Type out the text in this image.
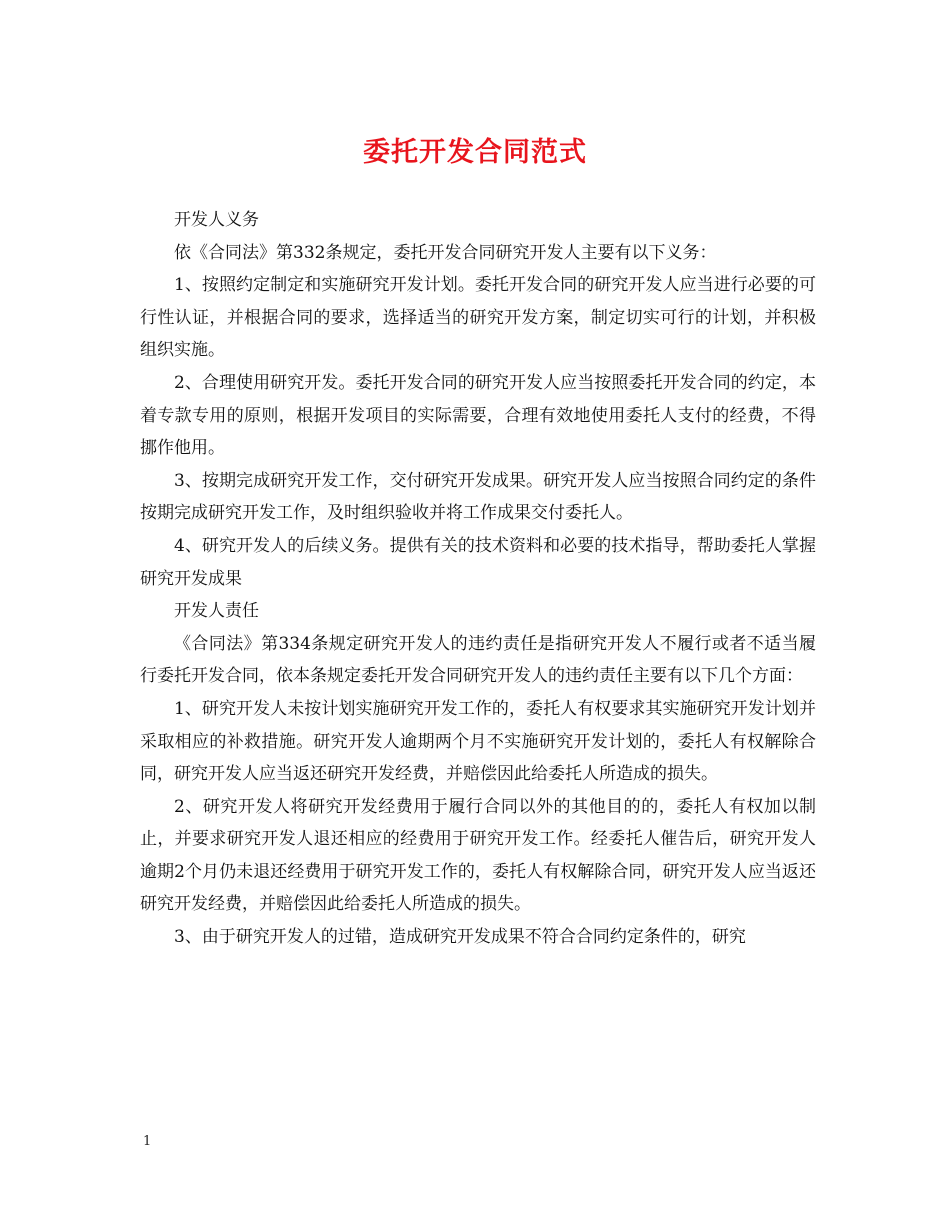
委托开发合同范式

开发人义务

依《合同法》第332条规定，委托开发合同研究开发人主要有以下义务：

1、按照约定制定和实施研究开发计划。委托开发合同的研究开发人应当进行必要的可行性认证，并根据合同的要求，选择适当的研究开发方案，制定切实可行的计划，并积极组织实施。

2、合理使用研究开发。委托开发合同的研究开发人应当按照委托开发合同的约定，本着专款专用的原则，根据开发项目的实际需要，合理有效地使用委托人支付的经费，不得挪作他用。

3、按期完成研究开发工作，交付研究开发成果。研究开发人应当按照合同约定的条件按期完成研究开发工作，及时组织验收并将工作成果交付委托人。

4、研究开发人的后续义务。提供有关的技术资料和必要的技术指导，帮助委托人掌握研究开发成果

开发人责任

《合同法》第334条规定研究开发人的违约责任是指研究开发人不履行或者不适当履行委托开发合同，依本条规定委托开发合同研究开发人的违约责任主要有以下几个方面：

1、研究开发人未按计划实施研究开发工作的，委托人有权要求其实施研究开发计划并采取相应的补救措施。研究开发人逾期两个月不实施研究开发计划的，委托人有权解除合同，研究开发人应当返还研究开发经费，并赔偿因此给委托人所造成的损失。

2、研究开发人将研究开发经费用于履行合同以外的其他目的的，委托人有权加以制止，并要求研究开发人退还相应的经费用于研究开发工作。经委托人催告后，研究开发人逾期2个月仍未退还经费用于研究开发工作的，委托人有权解除合同，研究开发人应当返还研究开发经费，并赔偿因此给委托人所造成的损失。

3、由于研究开发人的过错，造成研究开发成果不符合合同约定条件的，研究

1
